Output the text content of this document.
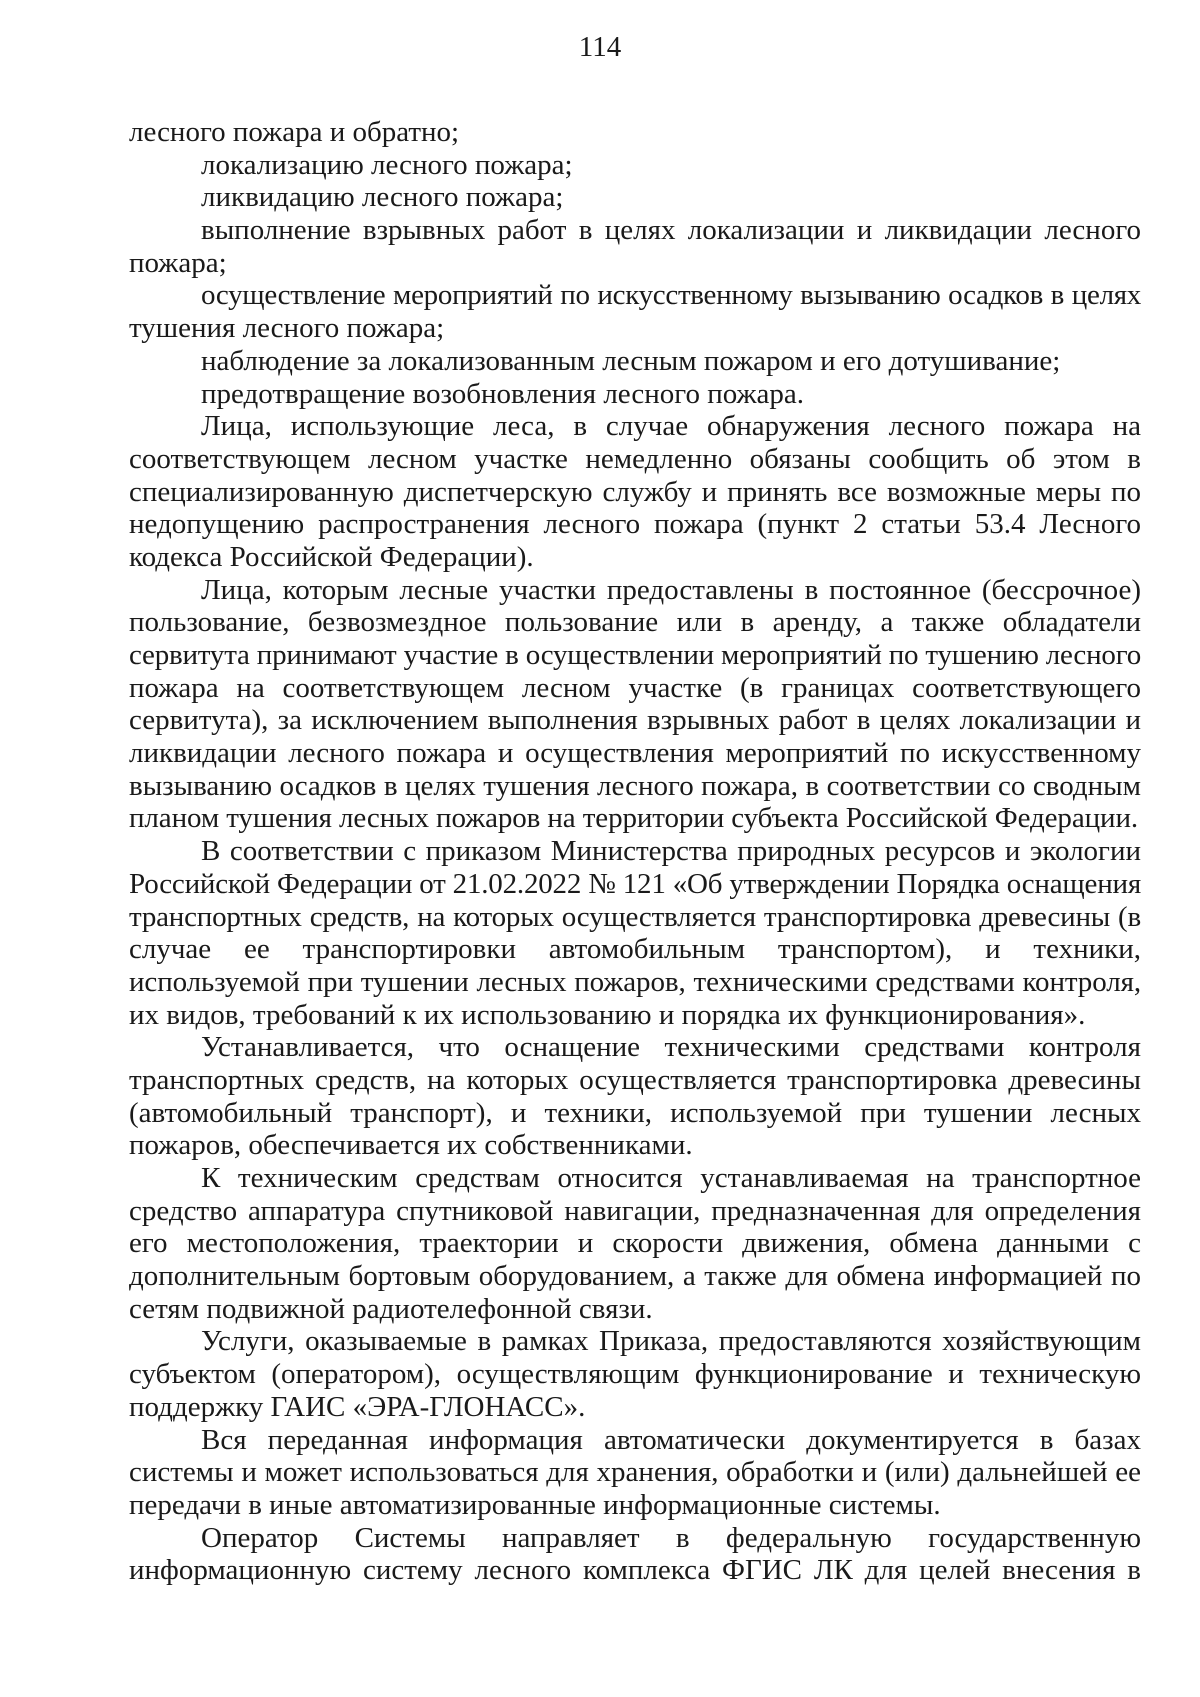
114
лесного пожара и обратно;
локализацию лесного пожара;
ликвидацию лесного пожара;
выполнение взрывных работ в целях локализации и ликвидации лесного
пожара;
осуществление мероприятий по искусственному вызыванию осадков в целях
тушения лесного пожара;
наблюдение за локализованным лесным пожаром и его дотушивание;
предотвращение возобновления лесного пожара.
Лица, использующие леса, в случае обнаружения лесного пожара на
соответствующем лесном участке немедленно обязаны сообщить об этом в
специализированную диспетчерскую службу и принять все возможные меры по
недопущению распространения лесного пожара (пункт 2 статьи 53.4 Лесного
кодекса Российской Федерации).
Лица, которым лесные участки предоставлены в постоянное (бессрочное)
пользование, безвозмездное пользование или в аренду, а также обладатели
сервитута принимают участие в осуществлении мероприятий по тушению лесного
пожара на соответствующем лесном участке (в границах соответствующего
сервитута), за исключением выполнения взрывных работ в целях локализации и
ликвидации лесного пожара и осуществления мероприятий по искусственному
вызыванию осадков в целях тушения лесного пожара, в соответствии со сводным
планом тушения лесных пожаров на территории субъекта Российской Федерации.
В соответствии с приказом Министерства природных ресурсов и экологии
Российской Федерации от 21.02.2022 № 121 «Об утверждении Порядка оснащения
транспортных средств, на которых осуществляется транспортировка древесины (в
случае ее транспортировки автомобильным транспортом), и техники,
используемой при тушении лесных пожаров, техническими средствами контроля,
их видов, требований к их использованию и порядка их функционирования».
Устанавливается, что оснащение техническими средствами контроля
транспортных средств, на которых осуществляется транспортировка древесины
(автомобильный транспорт), и техники, используемой при тушении лесных
пожаров, обеспечивается их собственниками.
К техническим средствам относится устанавливаемая на транспортное
средство аппаратура спутниковой навигации, предназначенная для определения
его местоположения, траектории и скорости движения, обмена данными с
дополнительным бортовым оборудованием, а также для обмена информацией по
сетям подвижной радиотелефонной связи.
Услуги, оказываемые в рамках Приказа, предоставляются хозяйствующим
субъектом (оператором), осуществляющим функционирование и техническую
поддержку ГАИС «ЭРА-ГЛОНАСС».
Вся переданная информация автоматически документируется в базах
системы и может использоваться для хранения, обработки и (или) дальнейшей ее
передачи в иные автоматизированные информационные системы.
Оператор Системы направляет в федеральную государственную
информационную систему лесного комплекса ФГИС ЛК для целей внесения в
